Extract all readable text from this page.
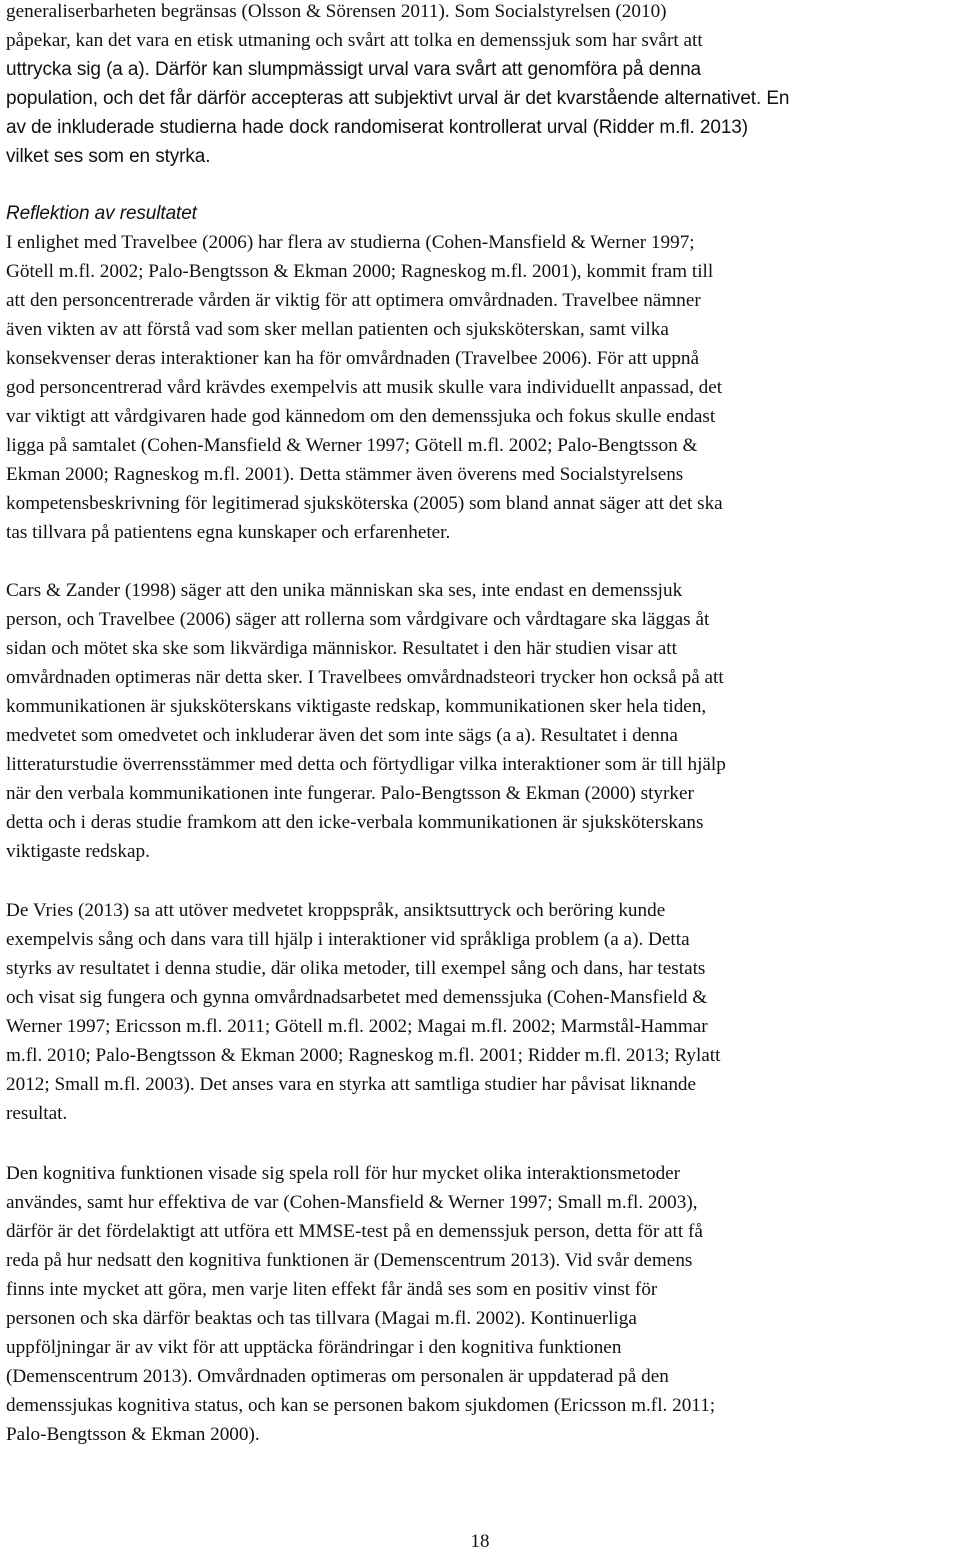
generaliserbarheten begränsas (Olsson & Sörensen 2011). Som Socialstyrelsen (2010)
påpekar, kan det vara en etisk utmaning och svårt att tolka en demenssjuk som har svårt att
uttrycka sig (a a). Därför kan slumpmässigt urval vara svårt att genomföra på denna
population, och det får därför accepteras att subjektivt urval är det kvarstående alternativet. En
av de inkluderade studierna hade dock randomiserat kontrollerat urval (Ridder m.fl. 2013)
vilket ses som en styrka.
Reflektion av resultatet
I enlighet med Travelbee (2006) har flera av studierna (Cohen-Mansfield & Werner 1997;
Götell m.fl. 2002; Palo-Bengtsson & Ekman 2000; Ragneskog m.fl. 2001), kommit fram till
att den personcentrerade vården är viktig för att optimera omvårdnaden. Travelbee nämner
även vikten av att förstå vad som sker mellan patienten och sjuksköterskan, samt vilka
konsekvenser deras interaktioner kan ha för omvårdnaden (Travelbee 2006). För att uppnå
god personcentrerad vård krävdes exempelvis att musik skulle vara individuellt anpassad, det
var viktigt att vårdgivaren hade god kännedom om den demenssjuka och fokus skulle endast
ligga på samtalet (Cohen-Mansfield & Werner 1997; Götell m.fl. 2002; Palo-Bengtsson &
Ekman 2000; Ragneskog m.fl. 2001). Detta stämmer även överens med Socialstyrelsens
kompetensbeskrivning för legitimerad sjuksköterska (2005) som bland annat säger att det ska
tas tillvara på patientens egna kunskaper och erfarenheter.
Cars & Zander (1998) säger att den unika människan ska ses, inte endast en demenssjuk
person, och Travelbee (2006) säger att rollerna som vårdgivare och vårdtagare ska läggas åt
sidan och mötet ska ske som likvärdiga människor. Resultatet i den här studien visar att
omvårdnaden optimeras när detta sker. I Travelbees omvårdnadsteori trycker hon också på att
kommunikationen är sjuksköterskans viktigaste redskap, kommunikationen sker hela tiden,
medvetet som omedvetet och inkluderar även det som inte sägs (a a). Resultatet i denna
litteraturstudie överrensstämmer med detta och förtydligar vilka interaktioner som är till hjälp
när den verbala kommunikationen inte fungerar. Palo-Bengtsson & Ekman (2000) styrker
detta och i deras studie framkom att den icke-verbala kommunikationen är sjuksköterskans
viktigaste redskap.
De Vries (2013) sa att utöver medvetet kroppspråk, ansiktsuttryck och beröring kunde
exempelvis sång och dans vara till hjälp i interaktioner vid språkliga problem (a a). Detta
styrks av resultatet i denna studie, där olika metoder, till exempel sång och dans, har testats
och visat sig fungera och gynna omvårdnadsarbetet med demenssjuka (Cohen-Mansfield &
Werner 1997; Ericsson m.fl. 2011; Götell m.fl. 2002; Magai m.fl. 2002; Marmstål-Hammar
m.fl. 2010; Palo-Bengtsson & Ekman 2000; Ragneskog m.fl. 2001; Ridder m.fl. 2013; Rylatt
2012; Small m.fl. 2003). Det anses vara en styrka att samtliga studier har påvisat liknande
resultat.
Den kognitiva funktionen visade sig spela roll för hur mycket olika interaktionsmetoder
användes, samt hur effektiva de var (Cohen-Mansfield & Werner 1997; Small m.fl. 2003),
därför är det fördelaktigt att utföra ett MMSE-test på en demenssjuk person, detta för att få
reda på hur nedsatt den kognitiva funktionen är (Demenscentrum 2013). Vid svår demens
finns inte mycket att göra, men varje liten effekt får ändå ses som en positiv vinst för
personen och ska därför beaktas och tas tillvara (Magai m.fl. 2002). Kontinuerliga
uppföljningar är av vikt för att upptäcka förändringar i den kognitiva funktionen
(Demenscentrum 2013). Omvårdnaden optimeras om personalen är uppdaterad på den
demenssjukas kognitiva status, och kan se personen bakom sjukdomen (Ericsson m.fl. 2011;
Palo-Bengtsson & Ekman 2000).
18
